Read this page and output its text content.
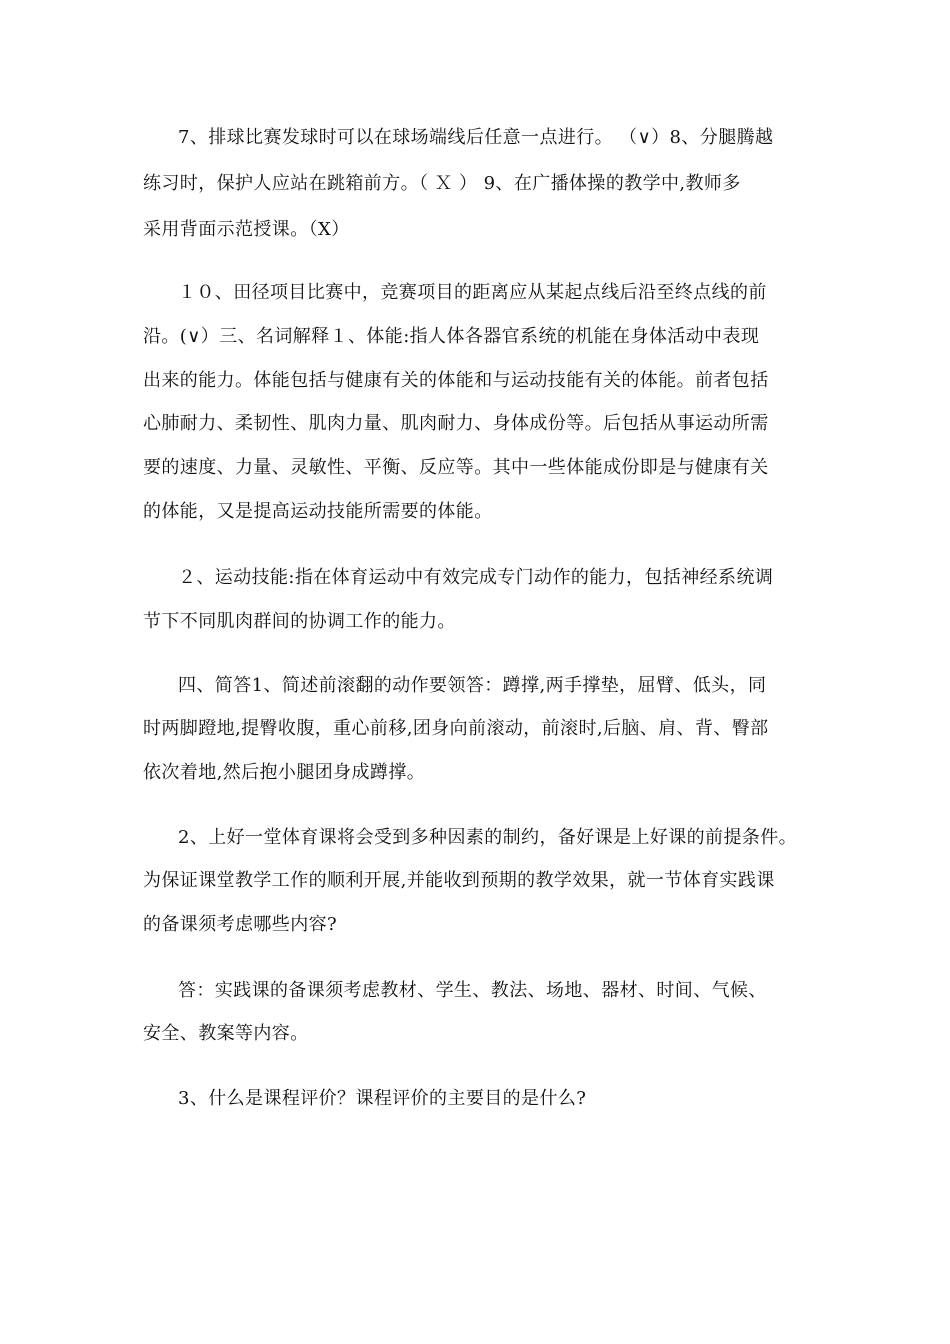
7、排球比赛发球时可以在球场端线后任意一点进行。 （∨）8、分腿腾越
练习时，保护人应站在跳箱前方。（ Ｘ ） 9、在广播体操的教学中,教师多
采用背面示范授课。（X）
１０、田径项目比赛中，竞赛项目的距离应从某起点线后沿至终点线的前
沿。(∨）三、名词解释１、体能:指人体各器官系统的机能在身体活动中表现
出来的能力。体能包括与健康有关的体能和与运动技能有关的体能。前者包括
心肺耐力、柔韧性、肌肉力量、肌肉耐力、身体成份等。后包括从事运动所需
要的速度、力量、灵敏性、平衡、反应等。其中一些体能成份即是与健康有关
的体能，又是提高运动技能所需要的体能。
２、运动技能:指在体育运动中有效完成专门动作的能力，包括神经系统调
节下不同肌肉群间的协调工作的能力。
四、简答1、简述前滚翻的动作要领答：蹲撑,两手撑垫，屈臂、低头，同
时两脚蹬地,提臀收腹，重心前移,团身向前滚动，前滚时,后脑、肩、背、臀部
依次着地,然后抱小腿团身成蹲撑。
2、上好一堂体育课将会受到多种因素的制约，备好课是上好课的前提条件。
为保证课堂教学工作的顺利开展,并能收到预期的教学效果，就一节体育实践课
的备课须考虑哪些内容?
答：实践课的备课须考虑教材、学生、教法、场地、器材、时间、气候、
安全、教案等内容。
3、什么是课程评价？课程评价的主要目的是什么?
